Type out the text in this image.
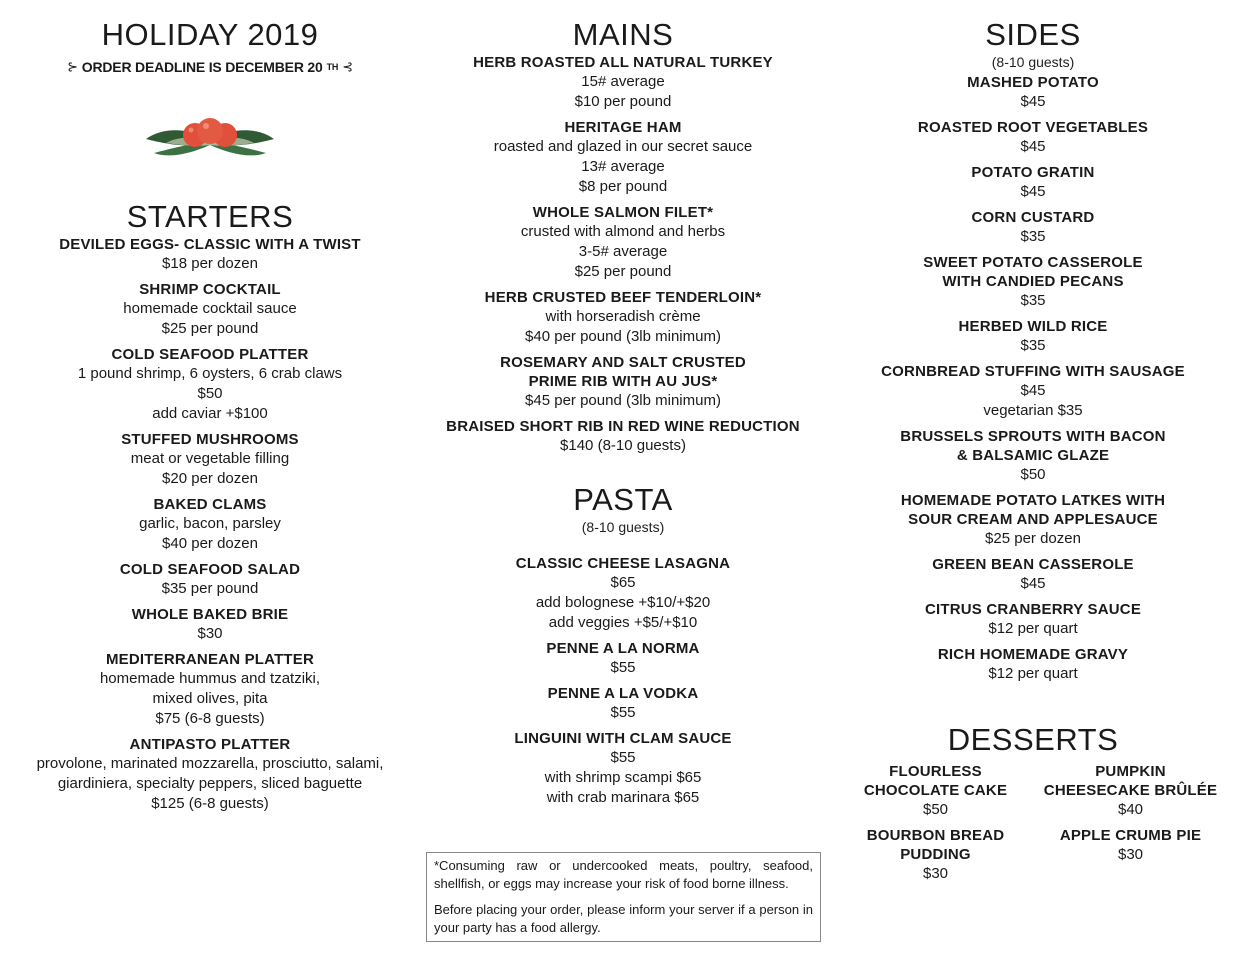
HOLIDAY 2019
⊱ ORDER DEADLINE IS DECEMBER 20 TH ⊰
STARTERS
DEVILED EGGS- CLASSIC WITH A TWIST
$18 per dozen
SHRIMP COCKTAIL
homemade cocktail sauce
$25 per pound
COLD SEAFOOD PLATTER
1 pound shrimp, 6 oysters, 6 crab claws
$50
add caviar +$100
STUFFED MUSHROOMS
meat or vegetable filling
$20 per dozen
BAKED CLAMS
garlic, bacon, parsley
$40 per dozen
COLD SEAFOOD SALAD
$35 per pound
WHOLE BAKED BRIE
$30
MEDITERRANEAN PLATTER
homemade hummus and tzatziki,
mixed olives, pita
$75 (6-8 guests)
ANTIPASTO PLATTER
provolone, marinated mozzarella, prosciutto, salami,
giardiniera, specialty peppers, sliced baguette
$125 (6-8 guests)
MAINS
HERB ROASTED ALL NATURAL TURKEY
15# average
$10 per pound
HERITAGE HAM
roasted and glazed in our secret sauce
13# average
$8 per pound
WHOLE SALMON FILET*
crusted with almond and herbs
3-5# average
$25 per pound
HERB CRUSTED BEEF TENDERLOIN*
with horseradish crème
$40 per pound (3lb minimum)
ROSEMARY AND SALT CRUSTED
PRIME RIB WITH AU JUS*
$45 per pound (3lb minimum)
BRAISED SHORT RIB IN RED WINE REDUCTION
$140 (8-10 guests)
PASTA
(8-10 guests)
CLASSIC CHEESE LASAGNA
$65
add bolognese +$10/+$20
add veggies +$5/+$10
PENNE A LA NORMA
$55
PENNE A LA VODKA
$55
LINGUINI WITH CLAM SAUCE
$55
with shrimp scampi $65
with crab marinara $65

*Consuming raw or undercooked meats, poultry, seafood, shellfish, or eggs may increase your risk of food borne illness.

Before placing your order, please inform your server if a person in your party has a food allergy.

SIDES
(8-10 guests)
MASHED POTATO
$45
ROASTED ROOT VEGETABLES
$45
POTATO GRATIN
$45
CORN CUSTARD
$35
SWEET POTATO CASSEROLE
WITH CANDIED PECANS
$35
HERBED WILD RICE
$35
CORNBREAD STUFFING WITH SAUSAGE
$45
vegetarian $35
BRUSSELS SPROUTS WITH BACON
& BALSAMIC GLAZE
$50
HOMEMADE POTATO LATKES WITH
SOUR CREAM AND APPLESAUCE
$25 per dozen
GREEN BEAN CASSEROLE
$45
CITRUS CRANBERRY SAUCE
$12 per quart
RICH HOMEMADE GRAVY
$12 per quart
DESSERTS
FLOURLESS
CHOCOLATE CAKE
$50
PUMPKIN
CHEESECAKE BRÛLÉE
$40
BOURBON BREAD
PUDDING
$30
APPLE CRUMB PIE
$30
